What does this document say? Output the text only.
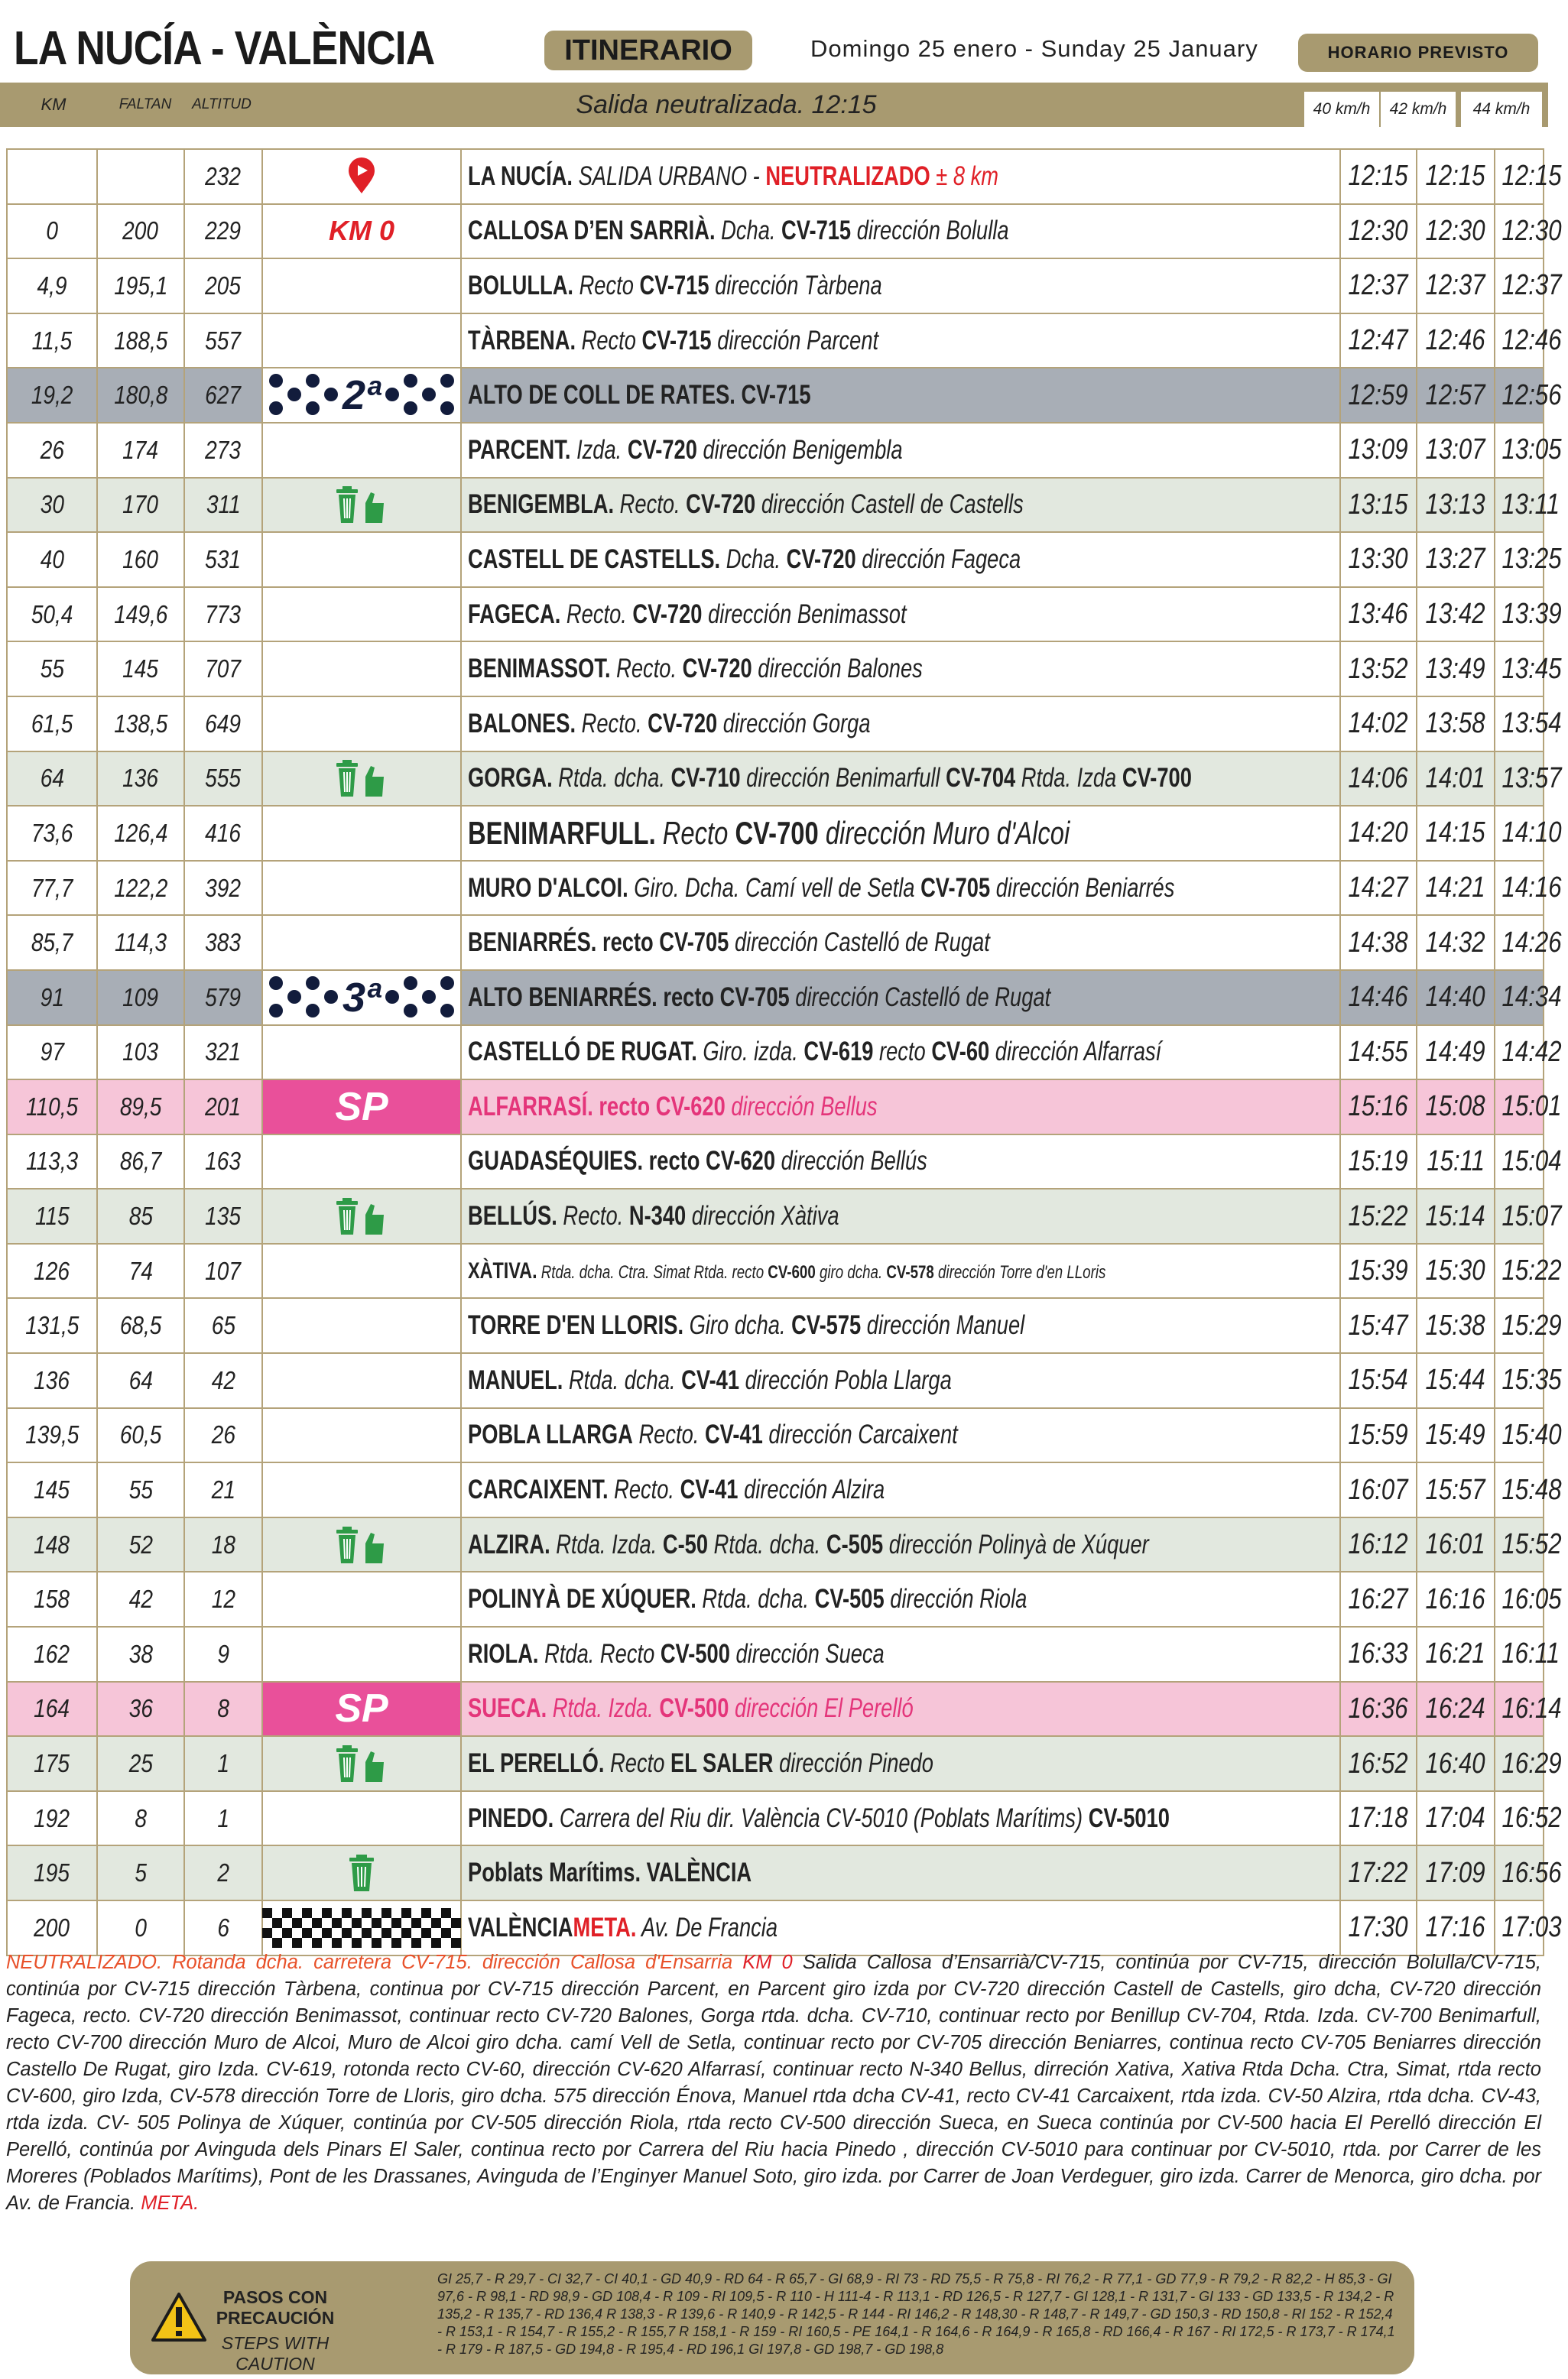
LA NUCÍA - VALÈNCIA	ITINERARIO	Domingo 25 enero - Sunday 25 January	HORARIO PREVISTO
KM	FALTAN	ALTITUD	Salida neutralizada. 12:15	40 km/h	42 km/h	44 km/h
		232		LA NUCÍA. SALIDA URBANO - NEUTRALIZADO ± 8 km	12:15	12:15	12:15
0	200	229	KM 0	CALLOSA D’EN SARRIÀ. Dcha. CV-715 dirección Bolulla	12:30	12:30	12:30
4,9	195,1	205		BOLULLA. Recto CV-715 dirección Tàrbena	12:37	12:37	12:37
11,5	188,5	557		TÀRBENA. Recto CV-715 dirección Parcent	12:47	12:46	12:46
19,2	180,8	627	2ª	ALTO DE COLL DE RATES. CV-715	12:59	12:57	12:56
26	174	273		PARCENT. Izda. CV-720 dirección Benigembla	13:09	13:07	13:05
30	170	311		BENIGEMBLA. Recto. CV-720 dirección Castell de Castells	13:15	13:13	13:11
40	160	531		CASTELL DE CASTELLS. Dcha. CV-720 dirección Fageca	13:30	13:27	13:25
50,4	149,6	773		FAGECA. Recto. CV-720 dirección Benimassot	13:46	13:42	13:39
55	145	707		BENIMASSOT. Recto. CV-720 dirección Balones	13:52	13:49	13:45
61,5	138,5	649		BALONES. Recto. CV-720 dirección Gorga	14:02	13:58	13:54
64	136	555		GORGA. Rtda. dcha. CV-710 dirección Benimarfull CV-704 Rtda. Izda CV-700	14:06	14:01	13:57
73,6	126,4	416		BENIMARFULL. Recto CV-700 dirección Muro d'Alcoi	14:20	14:15	14:10
77,7	122,2	392		MURO D'ALCOI. Giro. Dcha. Camí vell de Setla CV-705 dirección Beniarrés	14:27	14:21	14:16
85,7	114,3	383		BENIARRÉS. recto CV-705 dirección Castelló de Rugat	14:38	14:32	14:26
91	109	579	3ª	ALTO BENIARRÉS. recto CV-705 dirección Castelló de Rugat	14:46	14:40	14:34
97	103	321		CASTELLÓ DE RUGAT. Giro. izda. CV-619 recto CV-60 dirección Alfarrasí	14:55	14:49	14:42
110,5	89,5	201	SP	ALFARRASÍ. recto CV-620 dirección Bellus	15:16	15:08	15:01
113,3	86,7	163		GUADASÉQUIES. recto CV-620 dirección Bellús	15:19	15:11	15:04
115	85	135		BELLÚS. Recto. N-340 dirección Xàtiva	15:22	15:14	15:07
126	74	107		XÀTIVA. Rtda. dcha. Ctra. Simat Rtda. recto CV-600 giro dcha. CV-578 dirección Torre d'en LLoris	15:39	15:30	15:22
131,5	68,5	65		TORRE D'EN LLORIS. Giro dcha. CV-575 dirección Manuel	15:47	15:38	15:29
136	64	42		MANUEL. Rtda. dcha. CV-41 dirección Pobla Llarga	15:54	15:44	15:35
139,5	60,5	26		POBLA LLARGA Recto. CV-41 dirección Carcaixent	15:59	15:49	15:40
145	55	21		CARCAIXENT. Recto. CV-41 dirección Alzira	16:07	15:57	15:48
148	52	18		ALZIRA. Rtda. Izda. C-50 Rtda. dcha. C-505 dirección Polinyà de Xúquer	16:12	16:01	15:52
158	42	12		POLINYÀ DE XÚQUER. Rtda. dcha. CV-505 dirección Riola	16:27	16:16	16:05
162	38	9		RIOLA. Rtda. Recto CV-500 dirección Sueca	16:33	16:21	16:11
164	36	8	SP	SUECA. Rtda. Izda. CV-500 dirección El Perelló	16:36	16:24	16:14
175	25	1		EL PERELLÓ. Recto EL SALER dirección Pinedo	16:52	16:40	16:29
192	8	1		PINEDO. Carrera del Riu dir. València CV-5010 (Poblats Marítims) CV-5010	17:18	17:04	16:52
195	5	2		Poblats Marítims. VALÈNCIA	17:22	17:09	16:56
200	0	6		VALÈNCIAMETA. Av. De Francia	17:30	17:16	17:03
NEUTRALIZADO. Rotanda dcha. carretera CV-715. dirección Callosa d'Ensarria KM 0 Salida Callosa d’Ensarrià/CV-715, continúa por CV-715, dirección Bolulla/CV-715, continúa por CV-715 dirección Tàrbena, continua por CV-715 dirección Parcent, en Parcent giro izda por CV-720 dirección Castell de Castells, giro dcha, CV-720 dirección Fageca, recto. CV-720 dirección Benimassot, continuar recto CV-720 Balones, Gorga rtda. dcha. CV-710, continuar recto por Benillup CV-704, Rtda. Izda. CV-700 Benimarfull, recto CV-700 dirección Muro de Alcoi, Muro de Alcoi giro dcha. camí Vell de Setla, continuar recto por CV-705 dirección Beniarres, continua recto CV-705 Beniarres dirección Castello De Rugat, giro Izda. CV-619, rotonda recto CV-60, dirección CV-620 Alfarrasí, continuar recto N-340 Bellus, dirreción Xativa, Xativa Rtda Dcha. Ctra, Simat, rtda recto CV-600, giro Izda, CV-578 dirección Torre de Lloris, giro dcha. 575 dirección Énova, Manuel rtda dcha CV-41, recto CV-41 Carcaixent, rtda izda. CV-50 Alzira, rtda dcha. CV-43, rtda izda. CV- 505 Polinya de Xúquer, continúa por CV-505 dirección Riola, rtda recto CV-500 dirección Sueca, en Sueca continúa por CV-500 hacia El Perelló dirección El Perelló, continúa por Avinguda dels Pinars El Saler, continua recto por Carrera del Riu hacia Pinedo , dirección CV-5010 para continuar por CV-5010, rtda. por Carrer de les Moreres (Poblados Marítims), Pont de les Drassanes, Avinguda de l’Enginyer Manuel Soto, giro izda. por Carrer de Joan Verdeguer, giro izda. Carrer de Menorca, giro dcha. por Av. de Francia. META.
PASOS CON PRECAUCIÓN
STEPS WITH CAUTION
GI 25,7 - R 29,7 - CI 32,7 - CI 40,1 - GD 40,9 - RD 64 - R 65,7 - GI 68,9 - RI 73 - RD 75,5 - R 75,8 - RI 76,2 - R 77,1 - GD 77,9 - R 79,2 - R 82,2 - H 85,3 - GI 97,6 - R 98,1 - RD 98,9 - GD 108,4 - R 109 - RI 109,5 - R 110 - H 111-4 - R 113,1 - RD 126,5 - R 127,7 - GI 128,1 - R 131,7 - GI 133 - GD 133,5 - R 134,2 - R 135,2 - R 135,7 - RD 136,4 R 138,3 - R 139,6 - R 140,9 - R 142,5 - R 144 - RI 146,2 - R 148,30 - R 148,7 - R 149,7 - GD 150,3 - RD 150,8 - RI 152 - R 152,4 - R 153,1 - R 154,7 - R 155,2 - R 155,7 R 158,1 - R 159 - RI 160,5 - PE 164,1 - R 164,6 - R 164,9 - R 165,8 - RD 166,4 - R 167 - RI 172,5 - R 173,7 - R 174,1 - R 179 - R 187,5 - GD 194,8 - R 195,4 - RD 196,1 GI 197,8 - GD 198,7 - GD 198,8
